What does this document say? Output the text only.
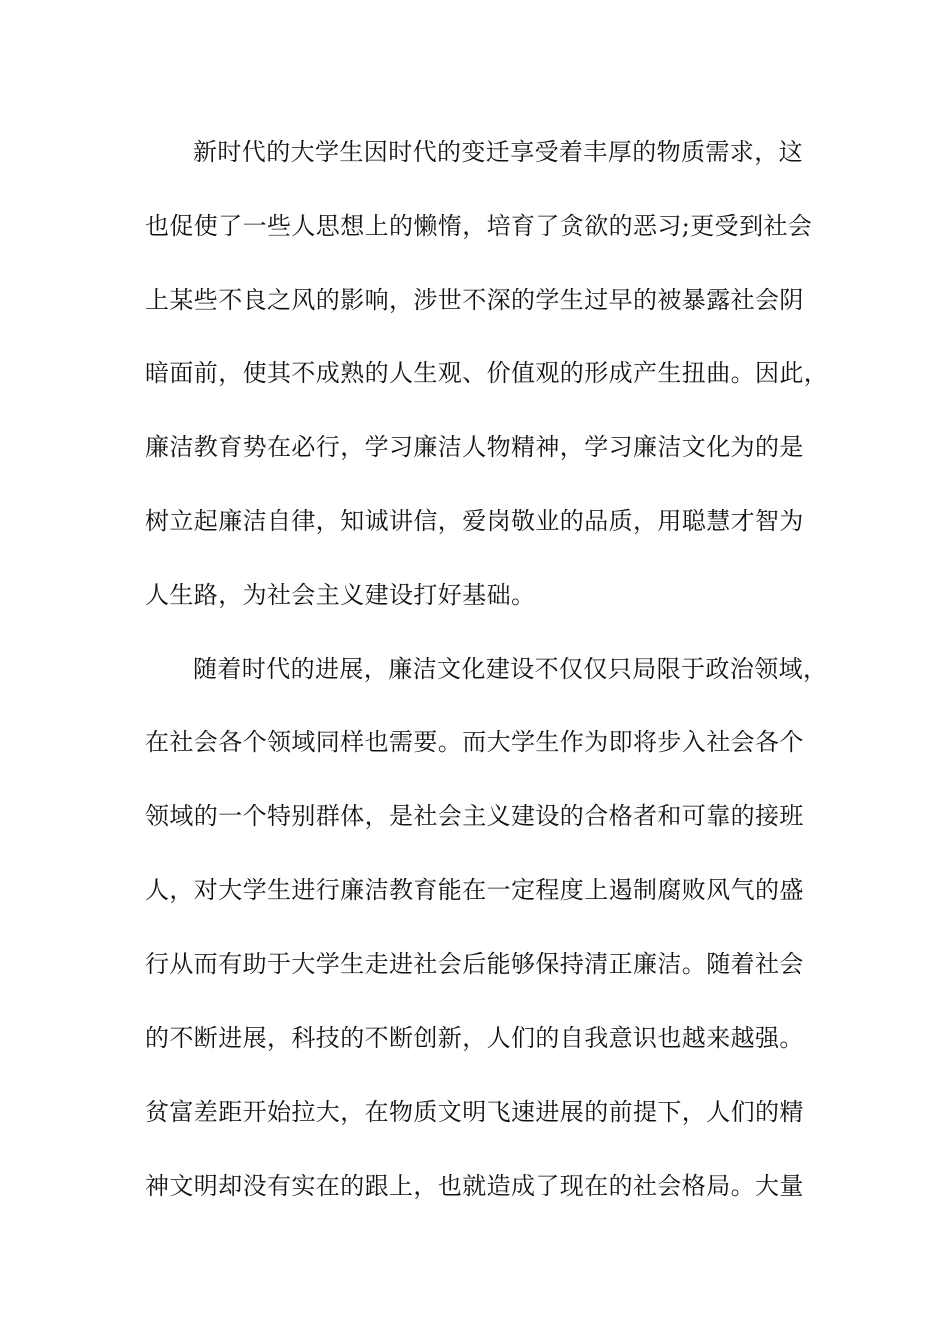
新时代的大学生因时代的变迁享受着丰厚的物质需求，这
也促使了一些人思想上的懒惰，培育了贪欲的恶习;更受到社会
上某些不良之风的影响，涉世不深的学生过早的被暴露社会阴
暗面前，使其不成熟的人生观、价值观的形成产生扭曲。因此，
廉洁教育势在必行，学习廉洁人物精神，学习廉洁文化为的是
树立起廉洁自律，知诚讲信，爱岗敬业的品质，用聪慧才智为
人生路，为社会主义建设打好基础。
随着时代的进展，廉洁文化建设不仅仅只局限于政治领域，
在社会各个领域同样也需要。而大学生作为即将步入社会各个
领域的一个特别群体，是社会主义建设的合格者和可靠的接班
人，对大学生进行廉洁教育能在一定程度上遏制腐败风气的盛
行从而有助于大学生走进社会后能够保持清正廉洁。随着社会
的不断进展，科技的不断创新，人们的自我意识也越来越强。
贫富差距开始拉大，在物质文明飞速进展的前提下，人们的精
神文明却没有实在的跟上，也就造成了现在的社会格局。大量
